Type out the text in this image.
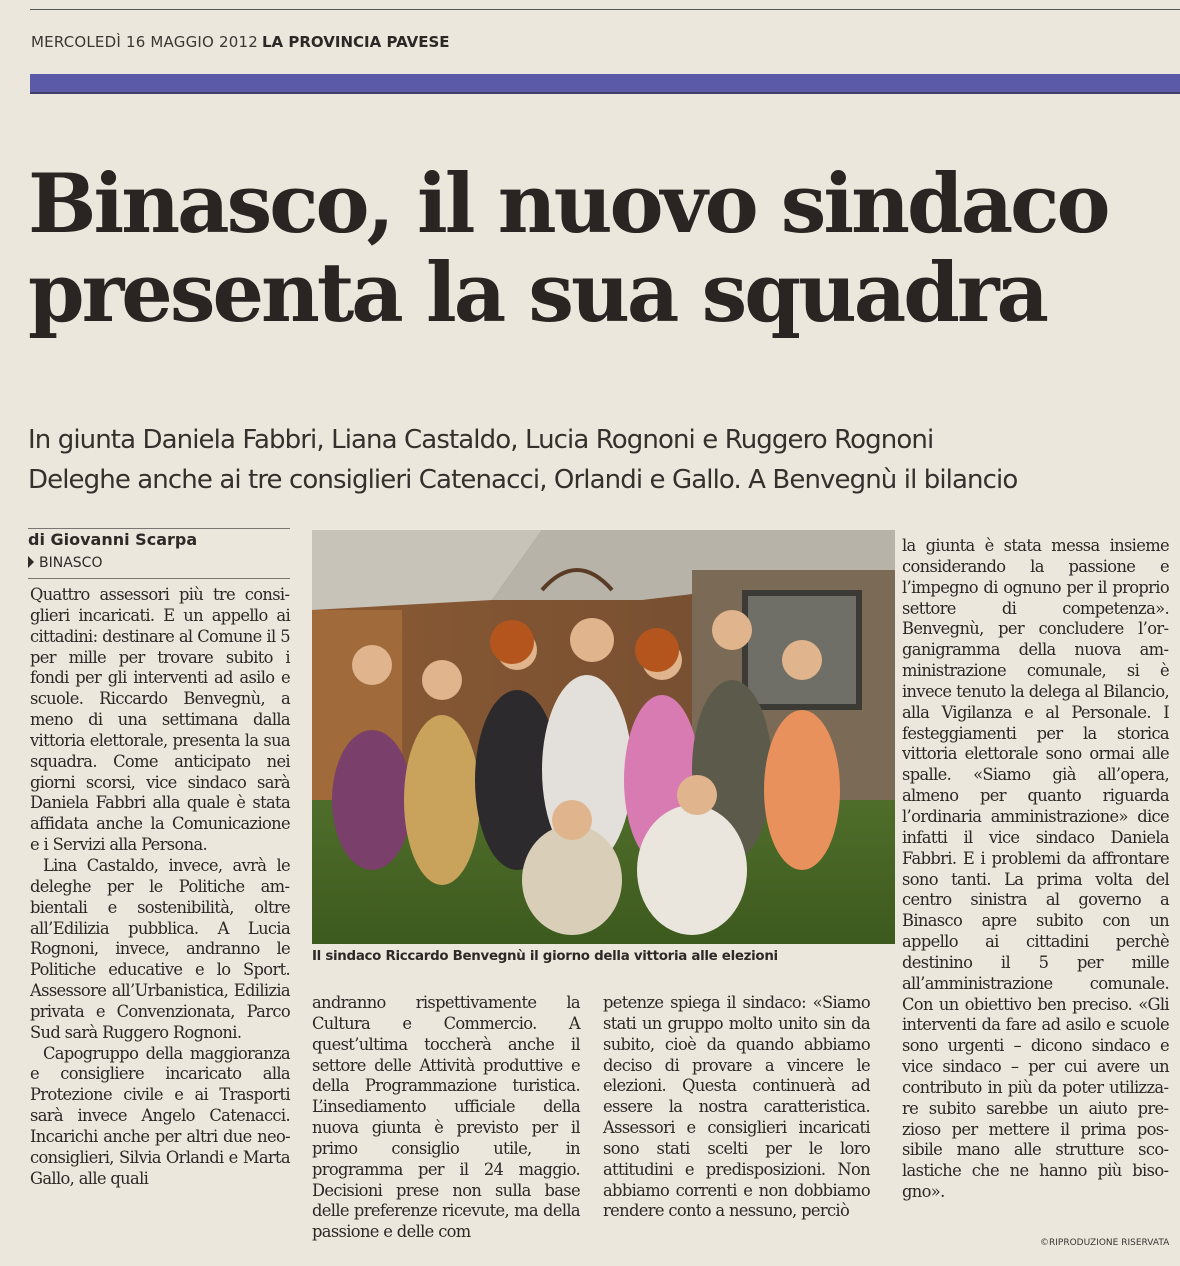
MERCOLEDÌ 16 MAGGIO 2012 LA PROVINCIA PAVESE
Binasco, il nuovo sindaco
presenta la sua squadra
In giunta Daniela Fabbri, Liana Castaldo, Lucia Rognoni e Ruggero Rognoni
Deleghe anche ai tre consiglieri Catenacci, Orlandi e Gallo. A Benvegnù il bilancio
di Giovanni Scarpa
BINASCO

Quattro assessori più tre consiglieri incaricati. E un appello ai cittadini: destinare al Comune il 5 per mille per trovare subito i fondi per gli interventi ad asilo e scuole. Riccardo Benvegnù, a meno di una settimana dalla vittoria elettorale, presenta la sua squadra. Come anticipato nei giorni scorsi, vice sindaco sarà Daniela Fabbri alla quale è stata affidata anche la Comunicazione e i Servizi alla Persona.

Lina Castaldo, invece, avrà le deleghe per le Politiche ambientali e sostenibilità, oltre all’Edilizia pubblica. A Lucia Rognoni, invece, andranno le Politiche educative e lo Sport. Assessore all’Urbanistica, Edilizia privata e Convenzionata, Parco Sud sarà Ruggero Rognoni.

Capogruppo della maggioranza e consigliere incaricato alla Protezione civile e ai Trasporti sarà invece Angelo Catenacci. Incarichi anche per altri due neo-consiglieri, Silvia Orlandi e Marta Gallo, alle quali

Il sindaco Riccardo Benvegnù il giorno della vittoria alle elezioni

andranno rispettivamente la Cultura e Commercio. A quest’ultima toccherà anche il settore delle Attività produttive e della Programmazione turistica. L’insediamento ufficiale della nuova giunta è previsto per il primo consiglio utile, in programma per il 24 maggio. Decisioni prese non sulla base delle preferenze ricevute, ma della passione e delle com

petenze spiega il sindaco: «Siamo stati un gruppo molto unito sin da subito, cioè da quando abbiamo deciso di provare a vincere le elezioni. Questa continuerà ad essere la nostra caratteristica. Assessori e consiglieri incaricati sono stati scelti per le loro attitudini e predisposizioni. Non abbiamo correnti e non dobbiamo rendere conto a nessuno, perciò

la giunta è stata messa insieme considerando la passione e l’impegno di ognuno per il proprio settore di competenza». Benvegnù, per concludere l’organigramma della nuova amministrazione comunale, si è invece tenuto la delega al Bilancio, alla Vigilanza e al Personale. I festeggiamenti per la storica vittoria elettorale sono ormai alle spalle. «Siamo già all’opera, almeno per quanto riguarda l’ordinaria amministrazione» dice infatti il vice sindaco Daniela Fabbri. E i problemi da affrontare sono tanti. La prima volta del centro sinistra al governo a Binasco apre subito con un appello ai cittadini perchè destinino il 5 per mille all’amministrazione comunale. Con un obiettivo ben preciso. «Gli interventi da fare ad asilo e scuole sono urgenti – dicono sindaco e vice sindaco – per cui avere un contributo in più da poter utilizzare subito sarebbe un aiuto prezioso per mettere il prima possibile mano alle strutture scolastiche che ne hanno più bisogno».

©RIPRODUZIONE RISERVATA
